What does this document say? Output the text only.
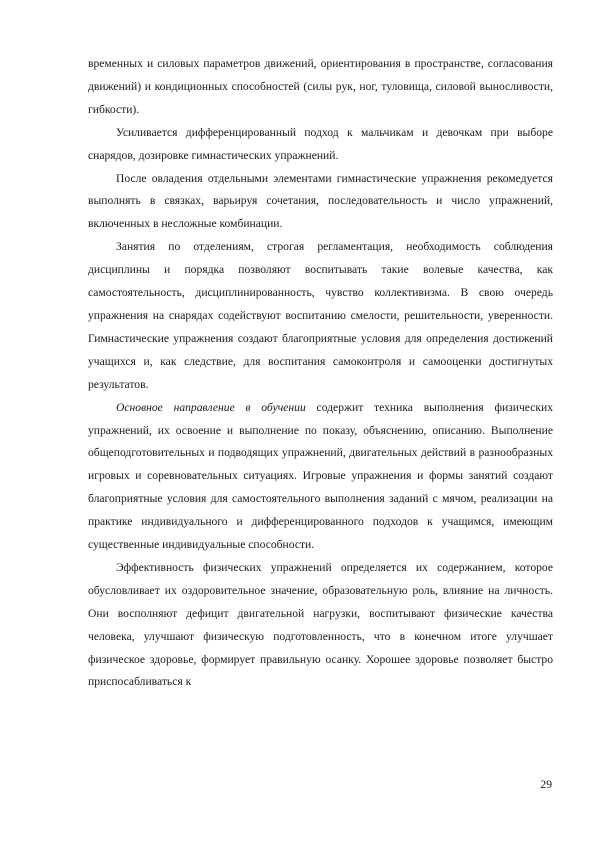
временных и силовых параметров движений, ориентирования в пространстве, согласования движений) и кондиционных способностей (силы рук, ног, туловища, силовой выносливости, гибкости).

Усиливается дифференцированный подход к мальчикам и девочкам при выборе снарядов, дозировке гимнастических упражнений.

После овладения отдельными элементами гимнастические упражнения рекомедуется выполнять в связках, варьируя сочетания, последовательность и число упражнений, включенных в несложные комбинации.

Занятия по отделениям, строгая регламентация, необходимость соблюдения дисциплины и порядка позволяют воспитывать такие волевые качества, как самостоятельность, дисциплинированность, чувство коллективизма. В свою очередь упражнения на снарядах содействуют воспитанию смелости, решительности, уверенности. Гимнастические упражнения создают благоприятные условия для определения достижений учащихся и, как следствие, для воспитания самоконтроля и самооценки достигнутых результатов.

Основное направление в обучении содержит техника выполнения физических упражнений, их освоение и выполнение по показу, объяснению, описанию. Выполнение общеподготовительных и подводящих упражнений, двигательных действий в разнообразных игровых и соревновательных ситуациях. Игровые упражнения и формы занятий создают благоприятные условия для самостоятельного выполнения заданий с мячом, реализации на практике индивидуального и дифференцированного подходов к учащимся, имеющим существенные индивидуальные способности.

Эффективность физических упражнений определяется их содержанием, которое обусловливает их оздоровительное значение, образовательную роль, влияние на личность. Они восполняют дефицит двигательной нагрузки, воспитывают физические качества человека, улучшают физическую подготовленность, что в конечном итоге улучшает физическое здоровье, формирует правильную осанку. Хорошее здоровье позволяет быстро приспосабливаться к

29
